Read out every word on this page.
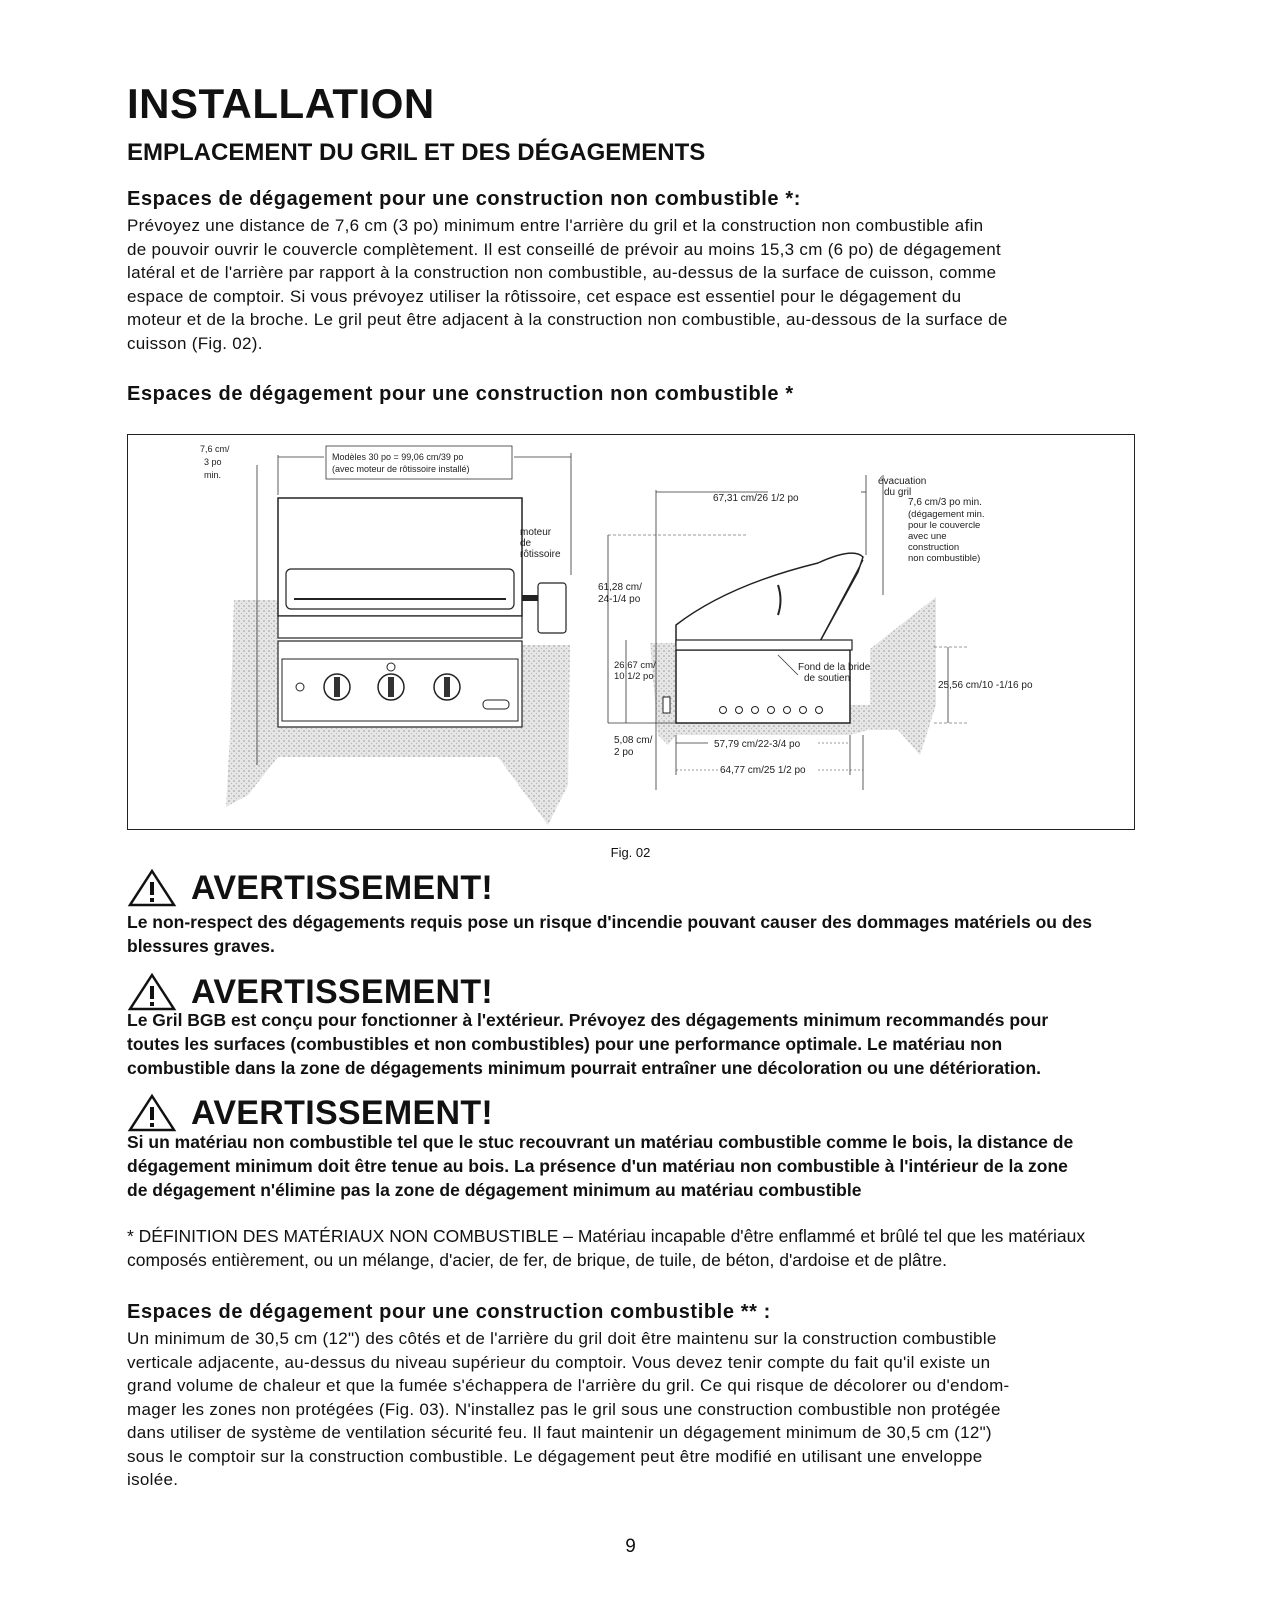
INSTALLATION
EMPLACEMENT DU GRIL ET DES DÉGAGEMENTS
Espaces de dégagement pour une construction non combustible *:
Prévoyez une distance de 7,6 cm (3 po) minimum entre l'arrière du gril et la construction non combustible afin
de pouvoir ouvrir le couvercle complètement. Il est conseillé de prévoir au moins 15,3 cm (6 po) de dégagement
latéral et de l'arrière par rapport à la construction non combustible, au-dessus de la surface de cuisson, comme
espace de comptoir. Si vous prévoyez utiliser la rôtissoire, cet espace est essentiel pour le dégagement du
moteur et de la broche. Le gril peut être adjacent à la construction non combustible, au-dessous de la surface de
cuisson (Fig. 02).
Espaces de dégagement pour une construction non combustible *
7,6 cm/
3 po
min.
Modèles 30 po = 99,06 cm/39 po
(avec moteur de rôtissoire installé)
moteur
de
rôtissoire
évacuation
du gril
67,31 cm/26 1/2 po	7,6 cm/3 po min.
(dégagement min.
pour le couvercle
avec une
construction
non combustible)
61,28 cm/
24-1/4 po
26,67 cm/
10 1/2 po
Fond de la bride
de soutien
25,56 cm/10 -1/16 po
5,08 cm/
2 po
57,79 cm/22-3/4 po
64,77 cm/25 1/2 po
Fig. 02
AVERTISSEMENT!
Le non-respect des dégagements requis pose un risque d'incendie pouvant causer des dommages matériels ou des
blessures graves.
AVERTISSEMENT!
Le Gril BGB est conçu pour fonctionner à l'extérieur. Prévoyez des dégagements minimum recommandés pour
toutes les surfaces (combustibles et non combustibles) pour une performance optimale. Le matériau non
combustible dans la zone de dégagements minimum pourrait entraîner une décoloration ou une détérioration.
AVERTISSEMENT!
Si un matériau non combustible tel que le stuc recouvrant un matériau combustible comme le bois, la distance de
dégagement minimum doit être tenue au bois. La présence d'un matériau non combustible à l'intérieur de la zone
de dégagement n'élimine pas la zone de dégagement minimum au matériau combustible
* DÉFINITION DES MATÉRIAUX NON COMBUSTIBLE – Matériau incapable d'être enflammé et brûlé tel que les matériaux
composés entièrement, ou un mélange, d'acier, de fer, de brique, de tuile, de béton, d'ardoise et de plâtre.
Espaces de dégagement pour une construction combustible ** :
Un minimum de 30,5 cm (12") des côtés et de l'arrière du gril doit être maintenu sur la construction combustible
verticale adjacente, au-dessus du niveau supérieur du comptoir. Vous devez tenir compte du fait qu'il existe un
grand volume de chaleur et que la fumée s'échappera de l'arrière du gril. Ce qui risque de décolorer ou d'endom-
mager les zones non protégées (Fig. 03). N'installez pas le gril sous une construction combustible non protégée
dans utiliser de système de ventilation sécurité feu. Il faut maintenir un dégagement minimum de 30,5 cm (12")
sous le comptoir sur la construction combustible. Le dégagement peut être modifié en utilisant une enveloppe
isolée.
9
